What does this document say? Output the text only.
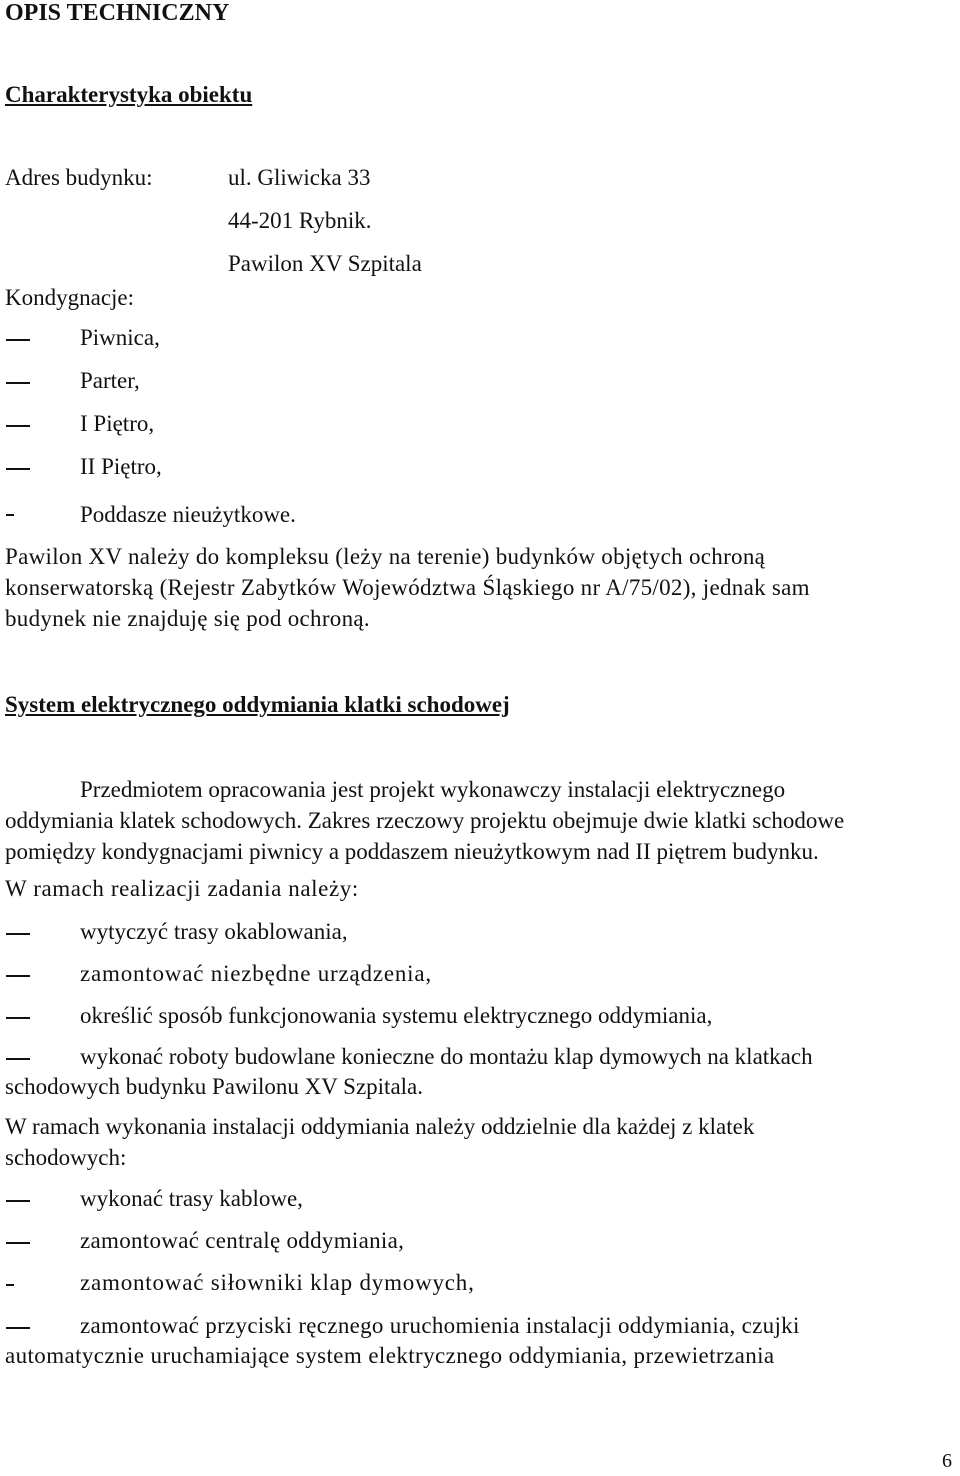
OPIS TECHNICZNY
Charakterystyka obiektu
Adres budynku:	ul. Gliwicka 33
44-201 Rybnik.
Pawilon XV Szpitala
Kondygnacje:
Piwnica,
Parter,
I Piętro,
II Piętro,
Poddasze nieużytkowe.
Pawilon XV należy do kompleksu (leży na terenie) budynków objętych ochroną
konserwatorską (Rejestr Zabytków Województwa Śląskiego nr A/75/02), jednak sam
budynek nie znajduję się pod ochroną.
System elektrycznego oddymiania klatki schodowej
Przedmiotem opracowania jest projekt wykonawczy instalacji elektrycznego
oddymiania klatek schodowych. Zakres rzeczowy projektu obejmuje dwie klatki schodowe
pomiędzy kondygnacjami piwnicy a poddaszem nieużytkowym nad II piętrem budynku.
W ramach realizacji zadania należy:
wytyczyć trasy okablowania,
zamontować niezbędne urządzenia,
określić sposób funkcjonowania systemu elektrycznego oddymiania,
wykonać roboty budowlane konieczne do montażu klap dymowych na klatkach
schodowych budynku Pawilonu XV Szpitala.
W ramach wykonania instalacji oddymiania należy oddzielnie dla każdej z klatek
schodowych:
wykonać trasy kablowe,
zamontować centralę oddymiania,
zamontować siłowniki klap dymowych,
zamontować przyciski ręcznego uruchomienia instalacji oddymiania, czujki
automatycznie uruchamiające system elektrycznego oddymiania, przewietrzania
6
